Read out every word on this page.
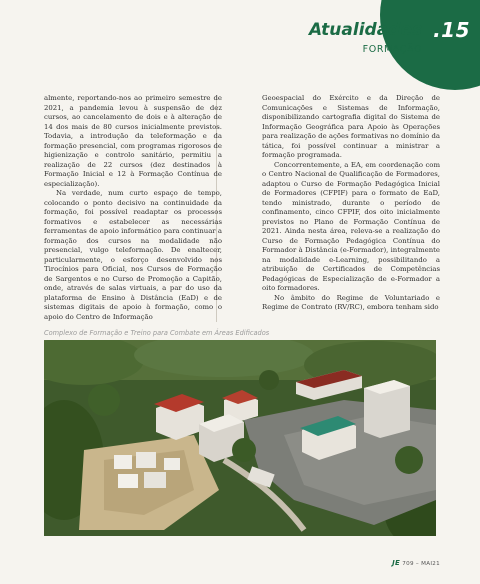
Atualidades .15
FORMAÇÃO

almente, reportando-nos ao primeiro semestre de 2021, a pandemia levou à suspensão de dez cursos, ao cancelamento de dois e à alteração de 14 dos mais de 80 cursos inicialmente previstos. Todavia, a introdução da teleformação e da formação presencial, com programas rigorosos de higienização e controlo sanitário, permitiu a realização de 22 cursos (dez destinados à Formação Inicial e 12 à Formação Contínua de especialização).

Na verdade, num curto espaço de tempo, colocando o ponto decisivo na continuidade da formação, foi possível readaptar os processos formativos e estabelecer as necessárias ferramentas de apoio informático para continuar a formação dos cursos na modalidade não presencial, vulgo teleformação. De enaltecer, particularmente, o esforço desenvolvido nos Tirocínios para Oficial, nos Cursos de Formação de Sargentos e no Curso de Promoção a Capitão, onde, através de salas virtuais, a par do uso da plataforma de Ensino à Distância (EaD) e de sistemas digitais de apoio à formação, como o apoio do Centro de Informação

Geoespacial do Exército e da Direção de Comunicações e Sistemas de Informação, disponibilizando cartografia digital do Sistema de Informação Geográfica para Apoio às Operações para realização de ações formativas no domínio da tática, foi possível continuar a ministrar a formação programada.

Concorrentemente, a EA, em coordenação com o Centro Nacional de Qualificação de Formadores, adaptou o Curso de Formação Pedagógica Inicial de Formadores (CFPIF) para o formato de EaD, tendo ministrado, durante o período de confinamento, cinco CFPIF, dos oito inicialmente previstos no Plano de Formação Contínua de 2021. Ainda nesta área, releva-se a realização do Curso de Formação Pedagógica Contínua do Formador à Distância (e-Formador), integralmente na modalidade e-Learning, possibilitando a atribuição de Certificados de Competências Pedagógicas de Especialização de e-Formador a oito formadores.

No âmbito do Regime de Voluntariado e Regime de Contrato (RV/RC), embora tenham sido

Complexo de Formação e Treino para Combate em Áreas Edificados
JE 709 – MAI21
